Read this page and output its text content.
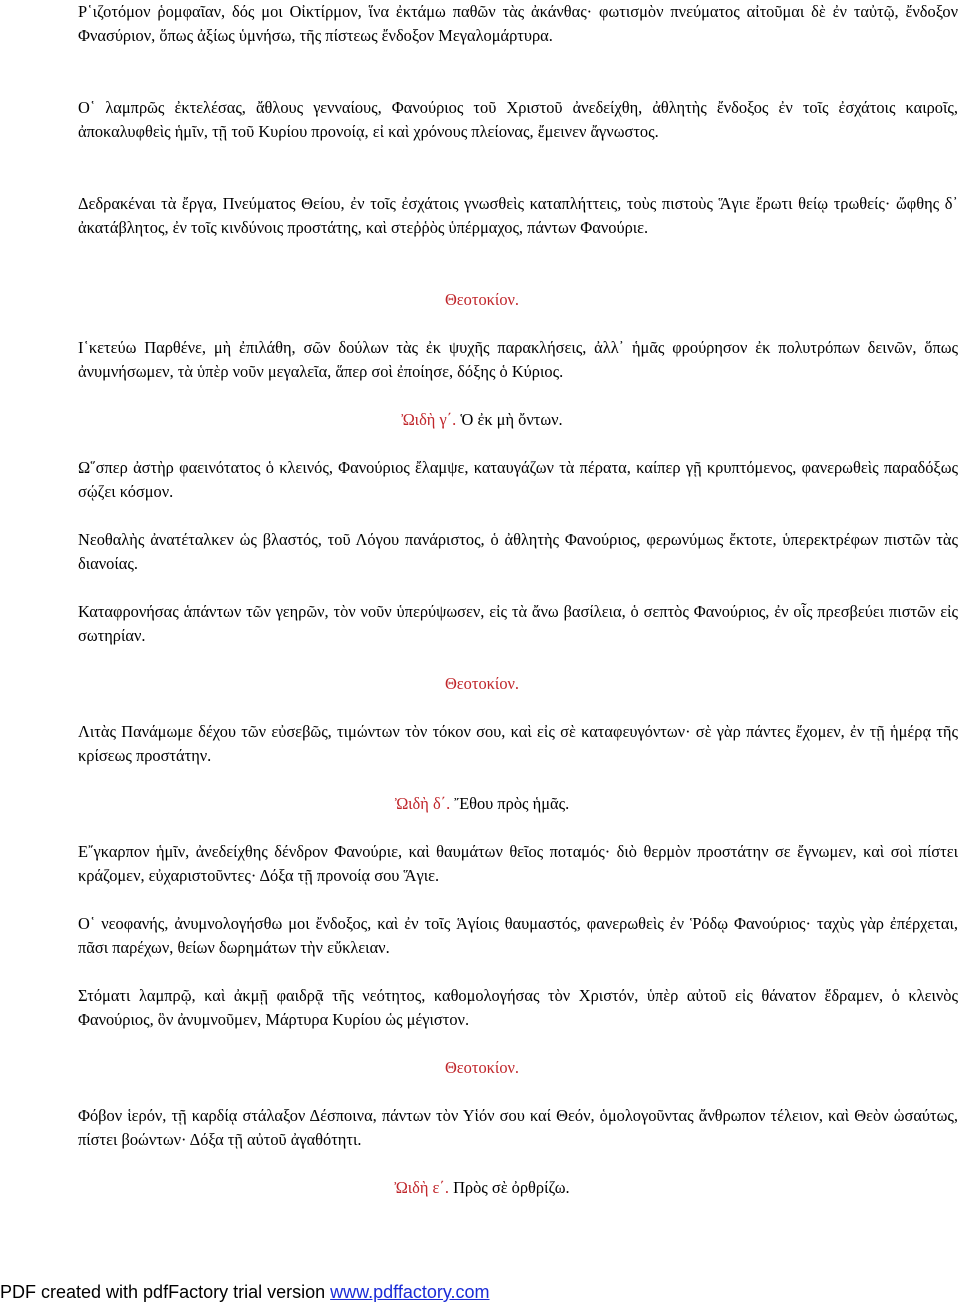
Ρ῾ιζοτόμον ῥομφαῖαν, δός μοι Οἰκτίρμον, ἵνα ἐκτάμω παθῶν τὰς ἀκάνθας· φωτισμὸν πνεύματος αἰτοῦμαι δὲ ἐν ταὐτῷ, ἔνδοξον Φνασύριον, ὅπως ἀξίως ὑμνήσω, τῆς πίστεως ἔνδοξον Μεγαλομάρτυρα.
Ο῾ λαμπρῶς ἐκτελέσας, ἄθλους γενναίους, Φανούριος τοῦ Χριστοῦ ἀνεδείχθη, ἀθλητὴς ἔνδοξος ἐν τοῖς ἐσχάτοις καιροῖς, ἀποκαλυφθεὶς ἡμῖν, τῇ τοῦ Κυρίου προνοίᾳ, εἰ καὶ χρόνους πλείονας, ἔμεινεν ἄγνωστος.
Δεδρακέναι τὰ ἔργα, Πνεύματος Θείου, ἐν τοῖς ἐσχάτοις γνωσθεὶς καταπλήττεις, τοὺς πιστοὺς Ἅγιε ἔρωτι θείῳ τρωθείς· ὤφθης δ᾿ ἀκατάβλητος, ἐν τοῖς κινδύνοις προστάτης, καὶ στεῤῥὸς ὑπέρμαχος, πάντων Φανούριε.
Θεοτοκίον.
Ι῾κετεύω Παρθένε, μὴ ἐπιλάθη, σῶν δούλων τὰς ἐκ ψυχῆς παρακλήσεις, ἀλλ᾿ ἡμᾶς φρούρησον ἐκ πολυτρόπων δεινῶν, ὅπως ἀνυμνήσωμεν, τὰ ὑπὲρ νοῦν μεγαλεῖα, ἅπερ σοὶ ἐποίησε, δόξης ὁ Κύριος.
Ὠιδὴ γ΄. Ὁ ἐκ μὴ ὄντων.
Ω῞σπερ ἀστὴρ φαεινότατος ὁ κλεινός, Φανούριος ἔλαμψε, καταυγάζων τὰ πέρατα, καίπερ γῇ κρυπτόμενος, φανερωθεὶς παραδόξως σῴζει κόσμον.
Νεοθαλὴς ἀνατέταλκεν ὡς βλαστός, τοῦ Λόγου πανάριστος, ὁ ἀθλητὴς Φανούριος, φερωνύμως ἔκτοτε, ὑπερεκτρέφων πιστῶν τὰς διανοίας.
Καταφρονήσας ἁπάντων τῶν γεηρῶν, τὸν νοῦν ὑπερύψωσεν, εἰς τὰ ἄνω βασίλεια, ὁ σεπτὸς Φανούριος, ἐν οἷς πρεσβεύει πιστῶν εἰς σωτηρίαν.
Θεοτοκίον.
Λιτὰς Πανάμωμε δέχου τῶν εὐσεβῶς, τιμώντων τὸν τόκον σου, καὶ εἰς σὲ καταφευγόντων· σὲ γὰρ πάντες ἔχομεν, ἐν τῇ ἡμέρᾳ τῆς κρίσεως προστάτην.
Ὠιδὴ δ΄. Ἔθου πρὸς ἡμᾶς.
Ε῎γκαρπον ἡμῖν, ἀνεδείχθης δένδρον Φανούριε, καὶ θαυμάτων θεῖος ποταμός· διὸ θερμὸν προστάτην σε ἔγνωμεν, καὶ σοὶ πίστει κράζομεν, εὐχαριστοῦντες· Δόξα τῇ προνοίᾳ σου Ἅγιε.
Ο῾ νεοφανής, ἀνυμνολογήσθω μοι ἔνδοξος, καὶ ἐν τοῖς Ἁγίοις θαυμαστός, φανερωθεὶς ἐν Ῥόδῳ Φανούριος· ταχὺς γὰρ ἐπέρχεται, πᾶσι παρέχων, θείων δωρημάτων τὴν εὔκλειαν.
Στόματι λαμπρῷ, καὶ ἀκμῇ φαιδρᾷ τῆς νεότητος, καθομολογήσας τὸν Χριστόν, ὑπὲρ αὐτοῦ εἰς θάνατον ἔδραμεν, ὁ κλεινὸς Φανούριος, ὃν ἀνυμνοῦμεν, Μάρτυρα Κυρίου ὡς μέγιστον.
Θεοτοκίον.
Φόβον ἱερόν, τῇ καρδίᾳ στάλαξον Δέσποινα, πάντων τὸν Υἱόν σου καί Θεόν, ὁμολογοῦντας ἄνθρωπον τέλειον, καὶ Θεὸν ὡσαύτως, πίστει βοώντων· Δόξα τῇ αὐτοῦ ἀγαθότητι.
Ὠιδὴ ε΄. Πρὸς σὲ ὀρθρίζω.
PDF created with pdfFactory trial version www.pdffactory.com
